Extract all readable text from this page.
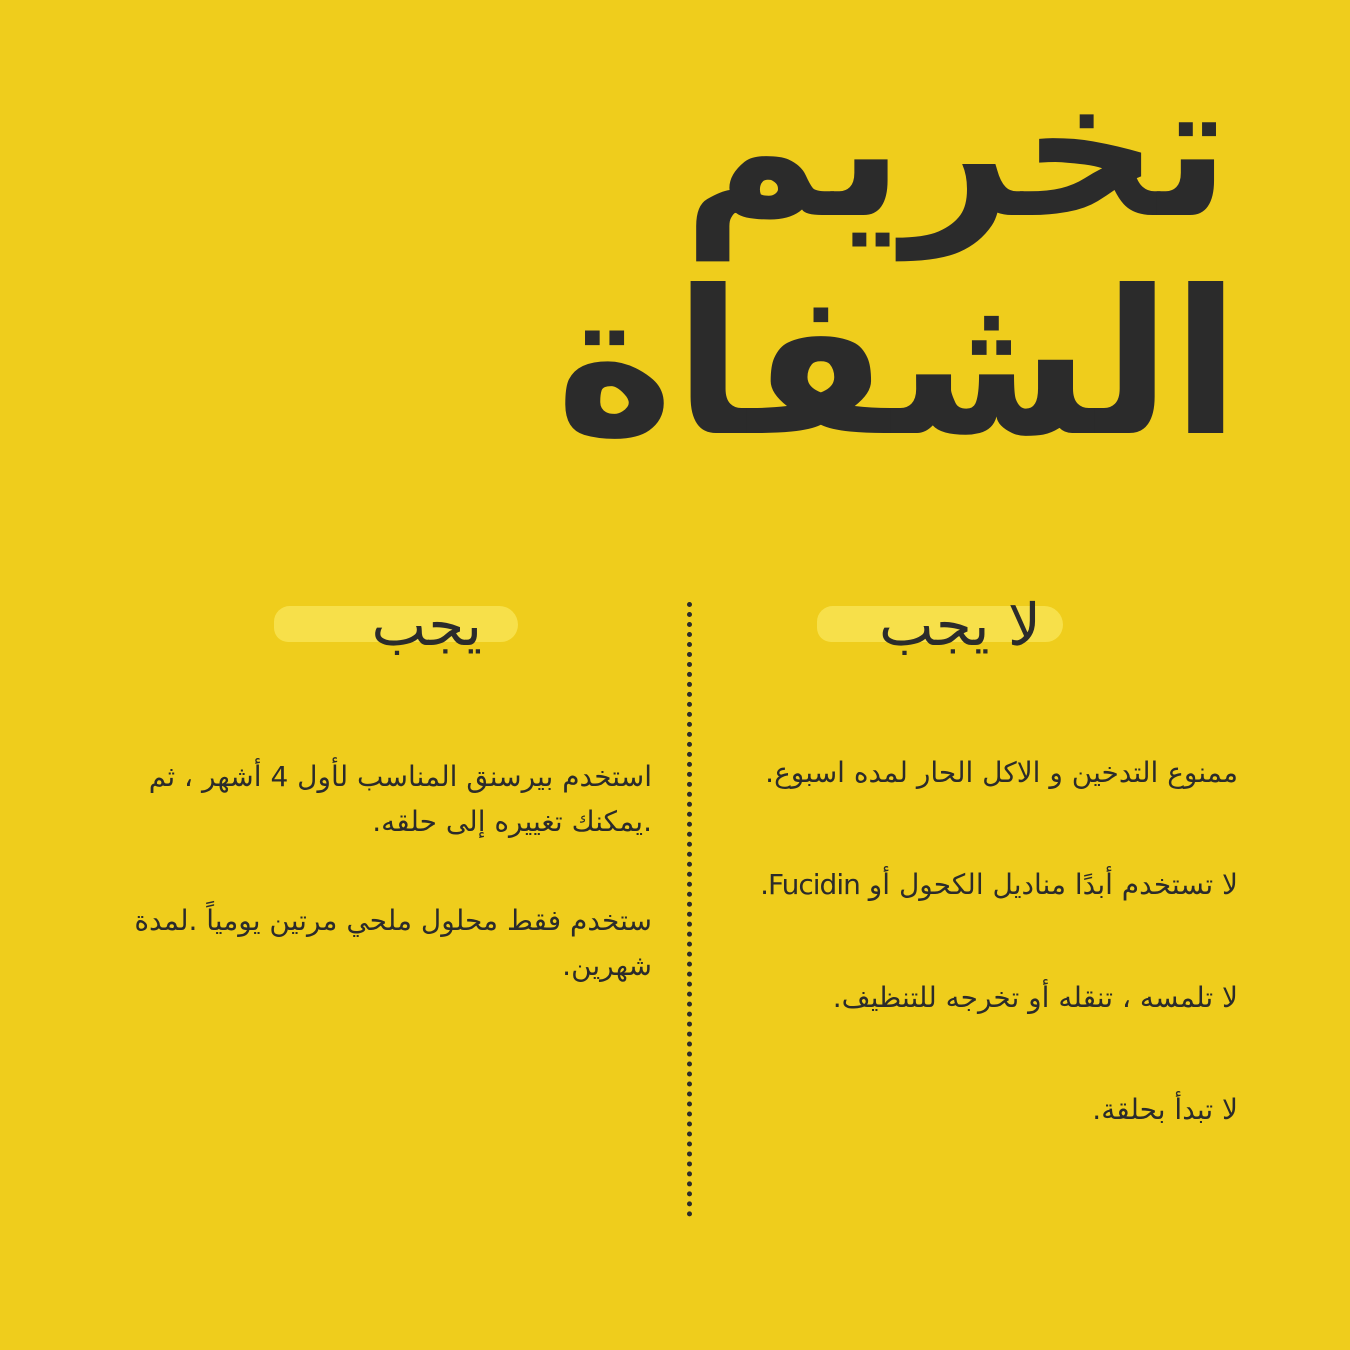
تخريم
الشفاة
يجب
استخدم بيرسنق المناسب لأول 4 أشهر ، ثم .يمكنك تغييره إلى حلقه.
ستخدم فقط محلول ملحي مرتين يومياً .لمدة شهرين.
لا يجب
ممنوع التدخين و الاكل الحار لمده اسبوع.
لا تستخدم أبدًا مناديل الكحول أو Fucidin.
لا تلمسه ، تنقله أو تخرجه للتنظيف.
لا تبدأ بحلقة.
